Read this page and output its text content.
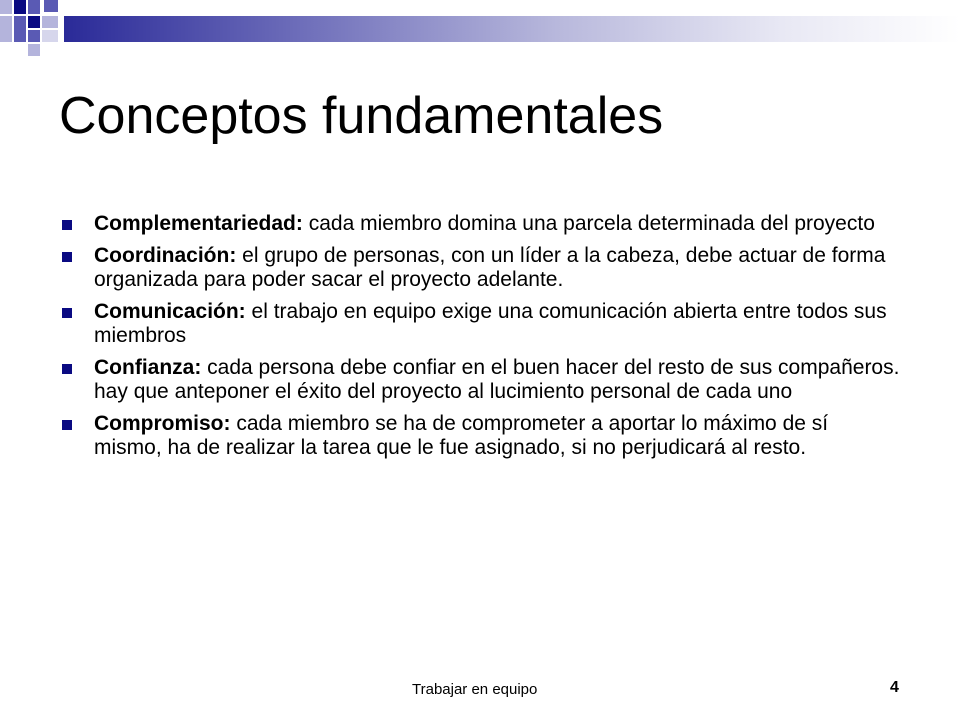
Conceptos fundamentales
Complementariedad: cada miembro domina una parcela determinada del proyecto
Coordinación: el grupo de personas, con un líder a la cabeza, debe actuar de forma organizada para poder sacar el proyecto adelante.
Comunicación: el trabajo en equipo exige una comunicación abierta entre todos sus miembros
Confianza: cada persona debe confiar en el buen hacer del resto de sus compañeros. hay que anteponer el éxito del proyecto al lucimiento personal de cada uno
Compromiso: cada miembro se ha de comprometer a aportar lo máximo de sí mismo, ha de realizar la tarea que le fue asignado, si no perjudicará al resto.
Trabajar en equipo	4
